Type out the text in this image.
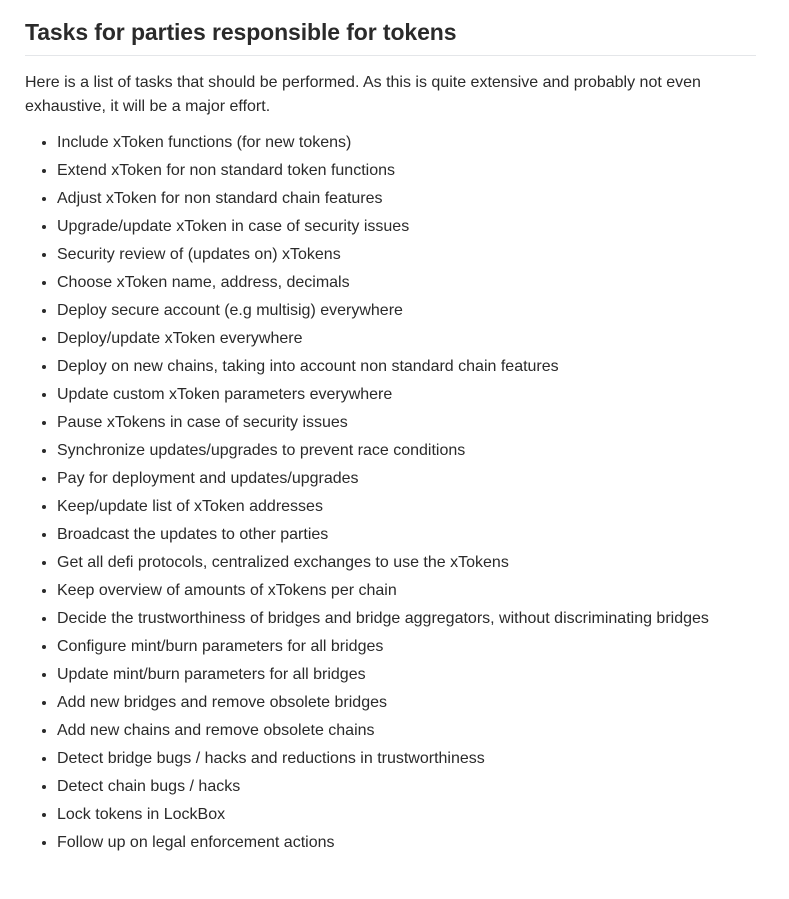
Tasks for parties responsible for tokens

Here is a list of tasks that should be performed. As this is quite extensive and probably not even exhaustive, it will be a major effort.

• Include xToken functions (for new tokens)
• Extend xToken for non standard token functions
• Adjust xToken for non standard chain features
• Upgrade/update xToken in case of security issues
• Security review of (updates on) xTokens
• Choose xToken name, address, decimals
• Deploy secure account (e.g multisig) everywhere
• Deploy/update xToken everywhere
• Deploy on new chains, taking into account non standard chain features
• Update custom xToken parameters everywhere
• Pause xTokens in case of security issues
• Synchronize updates/upgrades to prevent race conditions
• Pay for deployment and updates/upgrades
• Keep/update list of xToken addresses
• Broadcast the updates to other parties
• Get all defi protocols, centralized exchanges to use the xTokens
• Keep overview of amounts of xTokens per chain
• Decide the trustworthiness of bridges and bridge aggregators, without discriminating bridges
• Configure mint/burn parameters for all bridges
• Update mint/burn parameters for all bridges
• Add new bridges and remove obsolete bridges
• Add new chains and remove obsolete chains
• Detect bridge bugs / hacks and reductions in trustworthiness
• Detect chain bugs / hacks
• Lock tokens in LockBox
• Follow up on legal enforcement actions
